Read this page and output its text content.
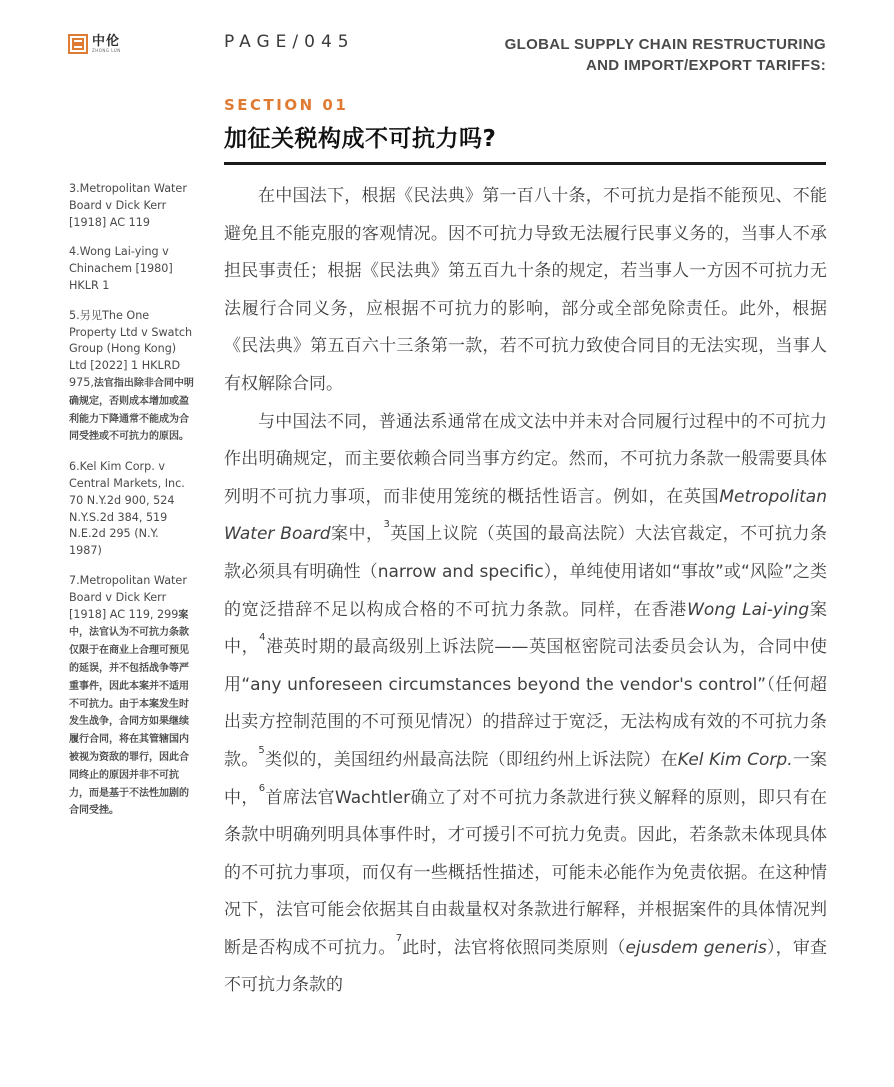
中伦
ZHONG LUN	PAGE/045	GLOBAL SUPPLY CHAIN RESTRUCTURING
AND IMPORT/EXPORT TARIFFS:
SECTION 01
加征关税构成不可抗力吗?

3.Metropolitan Water Board v Dick Kerr [1918] AC 119

4.Wong Lai-ying v Chinachem [1980] HKLR 1

5.另见The One Property Ltd v Swatch Group (Hong Kong) Ltd [2022] 1 HKLRD 975,法官指出除非合同中明确规定，否则成本增加或盈利能力下降通常不能成为合同受挫或不可抗力的原因。

6.Kel Kim Corp. v Central Markets, Inc. 70 N.Y.2d 900, 524 N.Y.S.2d 384, 519 N.E.2d 295 (N.Y. 1987)

7.Metropolitan Water Board v Dick Kerr [1918] AC 119, 299案中，法官认为不可抗力条款仅限于在商业上合理可预见的延误，并不包括战争等严重事件，因此本案并不适用不可抗力。由于本案发生时发生战争，合同方如果继续履行合同，将在其管辖国内被视为资敌的罪行，因此合同终止的原因并非不可抗力，而是基于不法性加剧的合同受挫。

在中国法下，根据《民法典》第一百八十条，不可抗力是指不能预见、不能避免且不能克服的客观情况。因不可抗力导致无法履行民事义务的，当事人不承担民事责任；根据《民法典》第五百九十条的规定，若当事人一方因不可抗力无法履行合同义务，应根据不可抗力的影响，部分或全部免除责任。此外，根据《民法典》第五百六十三条第一款，若不可抗力致使合同目的无法实现，当事人有权解除合同。

与中国法不同，普通法系通常在成文法中并未对合同履行过程中的不可抗力作出明确规定，而主要依赖合同当事方约定。然而，不可抗力条款一般需要具体列明不可抗力事项，而非使用笼统的概括性语言。例如，在英国Metropolitan Water Board案中，$^3$英国上议院（英国的最高法院）大法官裁定，不可抗力条款必须具有明确性（narrow and specific），单纯使用诸如“事故”或“风险”之类的宽泛措辞不足以构成合格的不可抗力条款。同样，在香港Wong Lai-ying案中，$^4$港英时期的最高级别上诉法院——英国枢密院司法委员会认为，合同中使用“any unforeseen circumstances beyond the vendor's control”（任何超出卖方控制范围的不可预见情况）的措辞过于宽泛，无法构成有效的不可抗力条款。$^5$类似的，美国纽约州最高法院（即纽约州上诉法院）在Kel Kim Corp.一案中，$^6$首席法官Wachtler确立了对不可抗力条款进行狭义解释的原则，即只有在条款中明确列明具体事件时，才可援引不可抗力免责。因此，若条款未体现具体的不可抗力事项，而仅有一些概括性描述，可能未必能作为免责依据。在这种情况下，法官可能会依据其自由裁量权对条款进行解释，并根据案件的具体情况判断是否构成不可抗力。$^7$此时，法官将依照同类原则（ejusdem generis），审查不可抗力条款的
